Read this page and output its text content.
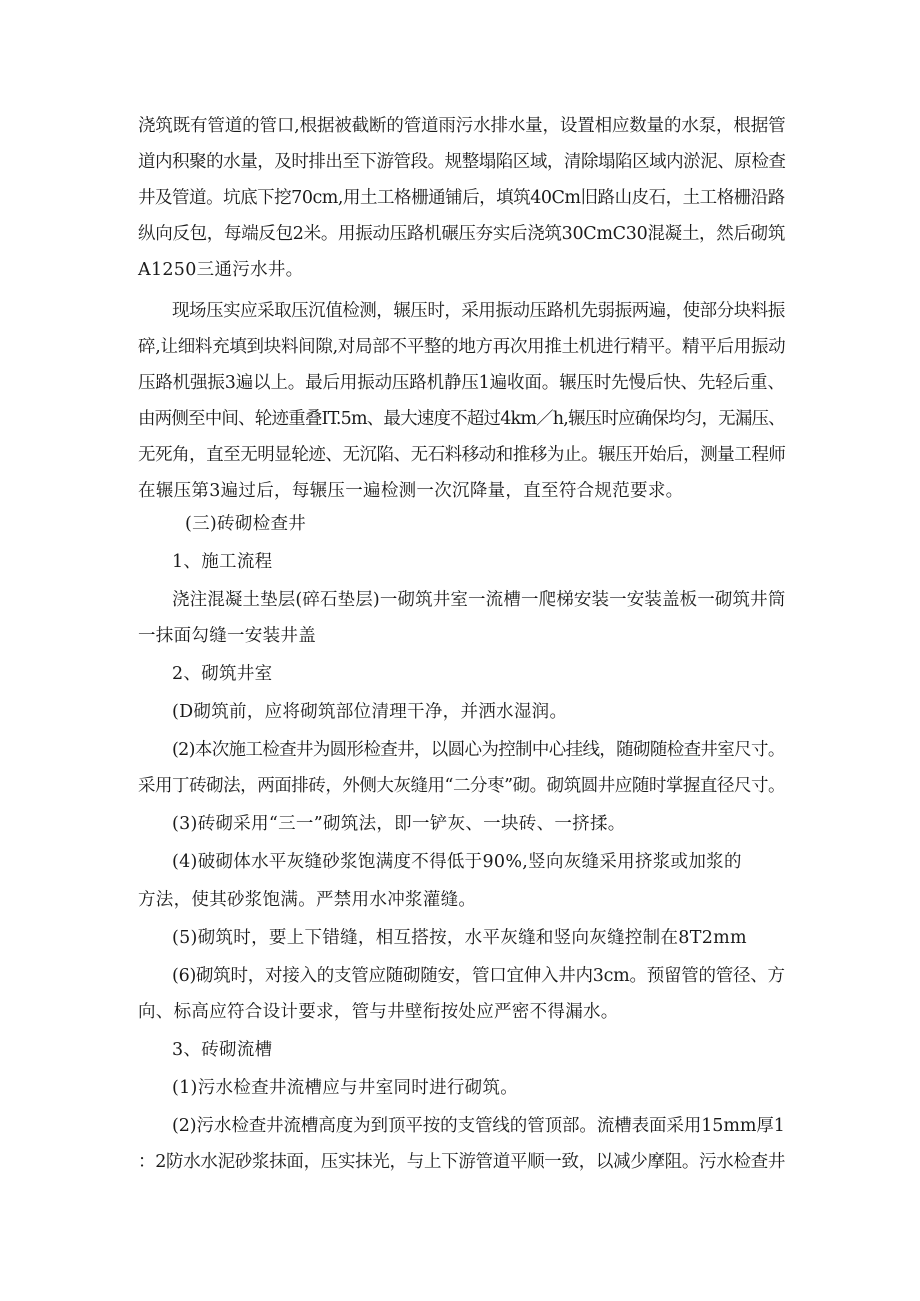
浇筑既有管道的管口,根据被截断的管道雨污水排水量，设置相应数量的水泵，根据管
道内积聚的水量，及时排出至下游管段。规整塌陷区域，清除塌陷区域内淤泥、原检查
井及管道。坑底下挖70cm,用土工格栅通铺后，填筑40Cm旧路山皮石，土工格栅沿路
纵向反包，每端反包2米。用振动压路机碾压夯实后浇筑30CmC30混凝土，然后砌筑
A1250三通污水井。
现场压实应采取压沉值检测，辗压时，采用振动压路机先弱振两遍，使部分块料振
碎,让细料充填到块料间隙,对局部不平整的地方再次用推土机进行精平。精平后用振动
压路机强振3遍以上。最后用振动压路机静压1遍收面。辗压时先慢后快、先轻后重、
由两侧至中间、轮迹重叠IT.5m、最大速度不超过4km／h,辗压时应确保均匀，无漏压、
无死角，直至无明显轮迹、无沉陷、无石料移动和推移为止。辗压开始后，测量工程师
在辗压第3遍过后，每辗压一遍检测一次沉降量，直至符合规范要求。
(三)砖砌检查井
1、施工流程
浇注混凝土垫层(碎石垫层)一砌筑井室一流槽一爬梯安装一安装盖板一砌筑井筒
一抹面勾缝一安装井盖
2、砌筑井室
(D砌筑前，应将砌筑部位清理干净，并洒水湿润。
(2)本次施工检查井为圆形检查井，以圆心为控制中心挂线，随砌随检查井室尺寸。
采用丁砖砌法，两面排砖，外侧大灰缝用“二分枣”砌。砌筑圆井应随时掌握直径尺寸。
(3)砖砌采用“三一”砌筑法，即一铲灰、一块砖、一挤揉。
(4)破砌体水平灰缝砂浆饱满度不得低于90%,竖向灰缝采用挤浆或加浆的
方法，使其砂浆饱满。严禁用水冲浆灌缝。
(5)砌筑时，要上下错缝，相互搭按，水平灰缝和竖向灰缝控制在8T2mm
(6)砌筑时，对接入的支管应随砌随安，管口宜伸入井内3cm。预留管的管径、方
向、标高应符合设计要求，管与井壁衔按处应严密不得漏水。
3、砖砌流槽
(1)污水检查井流槽应与井室同时进行砌筑。
(2)污水检查井流槽高度为到顶平按的支管线的管顶部。流槽表面采用15mm厚1
：2防水水泥砂浆抹面，压实抹光，与上下游管道平顺一致，以减少摩阻。污水检查井
